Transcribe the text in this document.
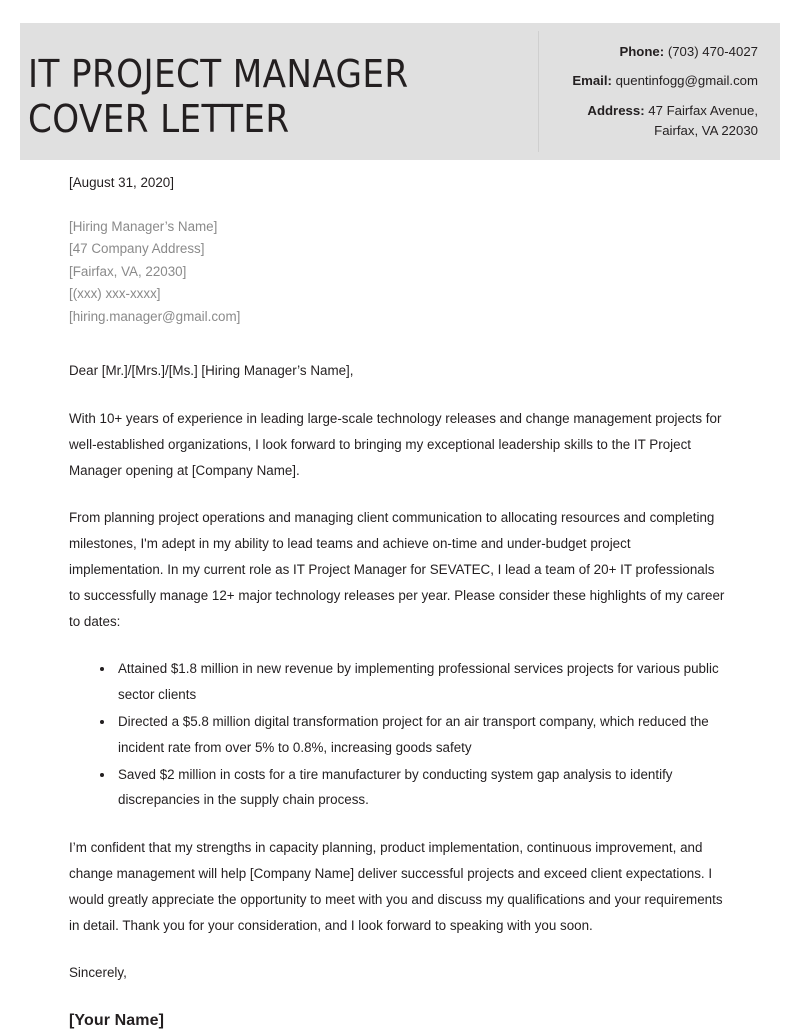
IT PROJECT MANAGER
COVER LETTER
Phone: (703) 470-4027
Email: quentinfogg@gmail.com
Address: 47 Fairfax Avenue,
Fairfax, VA 22030
[August 31, 2020]
[Hiring Manager’s Name]
[47 Company Address]
[Fairfax, VA, 22030]
[(xxx) xxx-xxxx]
[hiring.manager@gmail.com]
Dear [Mr.]/[Mrs.]/[Ms.] [Hiring Manager’s Name],

With 10+ years of experience in leading large-scale technology releases and change management projects for well-established organizations, I look forward to bringing my exceptional leadership skills to the IT Project Manager opening at [Company Name].

From planning project operations and managing client communication to allocating resources and completing milestones, I'm adept in my ability to lead teams and achieve on-time and under-budget project implementation. In my current role as IT Project Manager for SEVATEC, I lead a team of 20+ IT professionals to successfully manage 12+ major technology releases per year. Please consider these highlights of my career to dates:

Attained $1.8 million in new revenue by implementing professional services projects for various public sector clients
Directed a $5.8 million digital transformation project for an air transport company, which reduced the incident rate from over 5% to 0.8%, increasing goods safety
Saved $2 million in costs for a tire manufacturer by conducting system gap analysis to identify discrepancies in the supply chain process.

I’m confident that my strengths in capacity planning, product implementation, continuous improvement, and change management will help [Company Name] deliver successful projects and exceed client expectations. I would greatly appreciate the opportunity to meet with you and discuss my qualifications and your requirements in detail. Thank you for your consideration, and I look forward to speaking with you soon.

Sincerely,
[Your Name]
